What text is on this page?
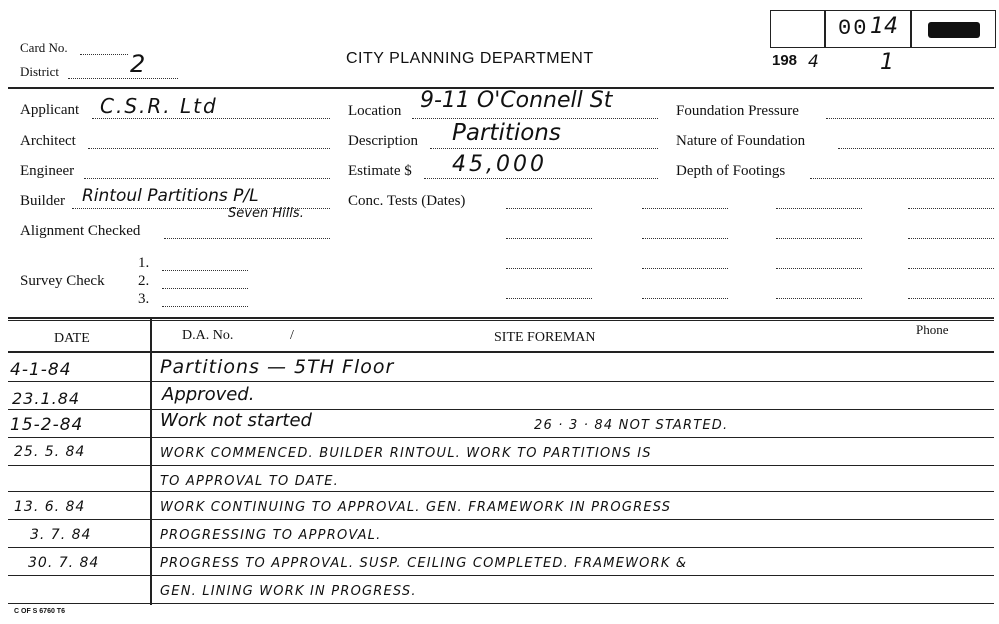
Card No.
District	2	CITY PLANNING DEPARTMENT	198 4	1
00 14
Applicant C.S.R. Ltd
Architect
Engineer
Builder Rintoul Partitions P/L
Seven Hills.
Alignment Checked
Survey Check
1.
2.
3.
Location 9-11 O'Connell St
Description Partitions
Estimate $ 45,000
Conc. Tests (Dates)
Foundation Pressure
Nature of Foundation
Depth of Footings
DATE	D.A. No.	/	SITE FOREMAN
Phone
4-1-84	Partitions — 5TH Floor
23.1.84	Approved.
15-2-84	Work not started	26 · 3 · 84 NOT STARTED.
25. 5. 84	WORK COMMENCED. BUILDER RINTOUL. WORK TO PARTITIONS IS
TO APPROVAL TO DATE.
13. 6. 84	WORK CONTINUING TO APPROVAL. GEN. FRAMEWORK IN PROGRESS
3. 7. 84	PROGRESSING TO APPROVAL.
30. 7. 84	PROGRESS TO APPROVAL. SUSP. CEILING COMPLETED. FRAMEWORK &
GEN. LINING WORK IN PROGRESS.
C OF S 6760 T6
